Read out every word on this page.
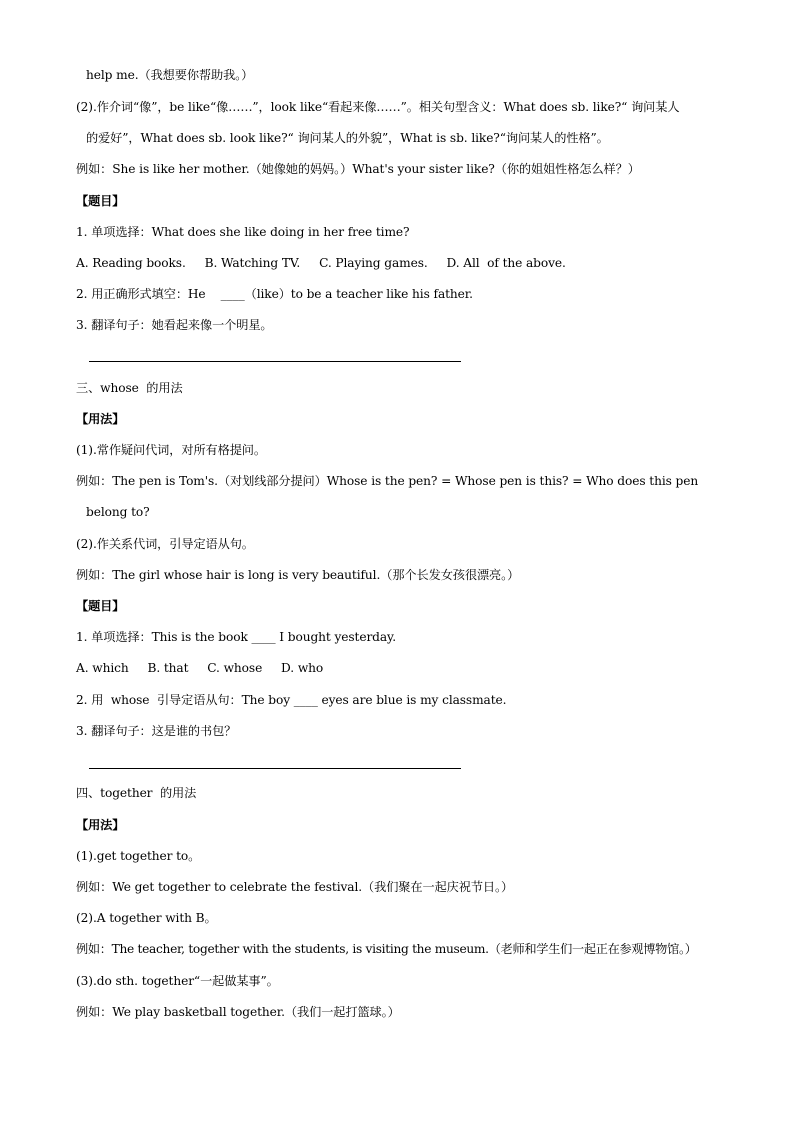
help me.（我想要你帮助我。）
(2).作介词“像”，be like“像……”，look like“看起来像……”。相关句型含义：What does sb. like?“ 询问某人
的爱好”，What does sb. look like?“ 询问某人的外貌”，What is sb. like?“询问某人的性格”。
例如：She is like her mother.（她像她的妈妈。）What's your sister like?（你的姐姐性格怎么样？）
【题目】
1. 单项选择：What does she like doing in her free time?
A. Reading books.     B. Watching TV.     C. Playing games.     D. All  of the above.
2. 用正确形式填空：He    ____（like）to be a teacher like his father.
3. 翻译句子：她看起来像一个明星。
三、whose  的用法
【用法】
(1).常作疑问代词，对所有格提问。
例如：The pen is Tom's.（对划线部分提问）Whose is the pen? = Whose pen is this? = Who does this pen
belong to?
(2).作关系代词，引导定语从句。
例如：The girl whose hair is long is very beautiful.（那个长发女孩很漂亮。）
【题目】
1. 单项选择：This is the book ____ I bought yesterday.
A. which     B. that     C. whose     D. who
2. 用  whose  引导定语从句：The boy ____ eyes are blue is my classmate.
3. 翻译句子：这是谁的书包？
四、together  的用法
【用法】
(1).get together to。
例如：We get together to celebrate the festival.（我们聚在一起庆祝节日。）
(2).A together with B。
例如：The teacher, together with the students, is visiting the museum.（老师和学生们一起正在参观博物馆。）
(3).do sth. together“一起做某事”。
例如：We play basketball together.（我们一起打篮球。）
